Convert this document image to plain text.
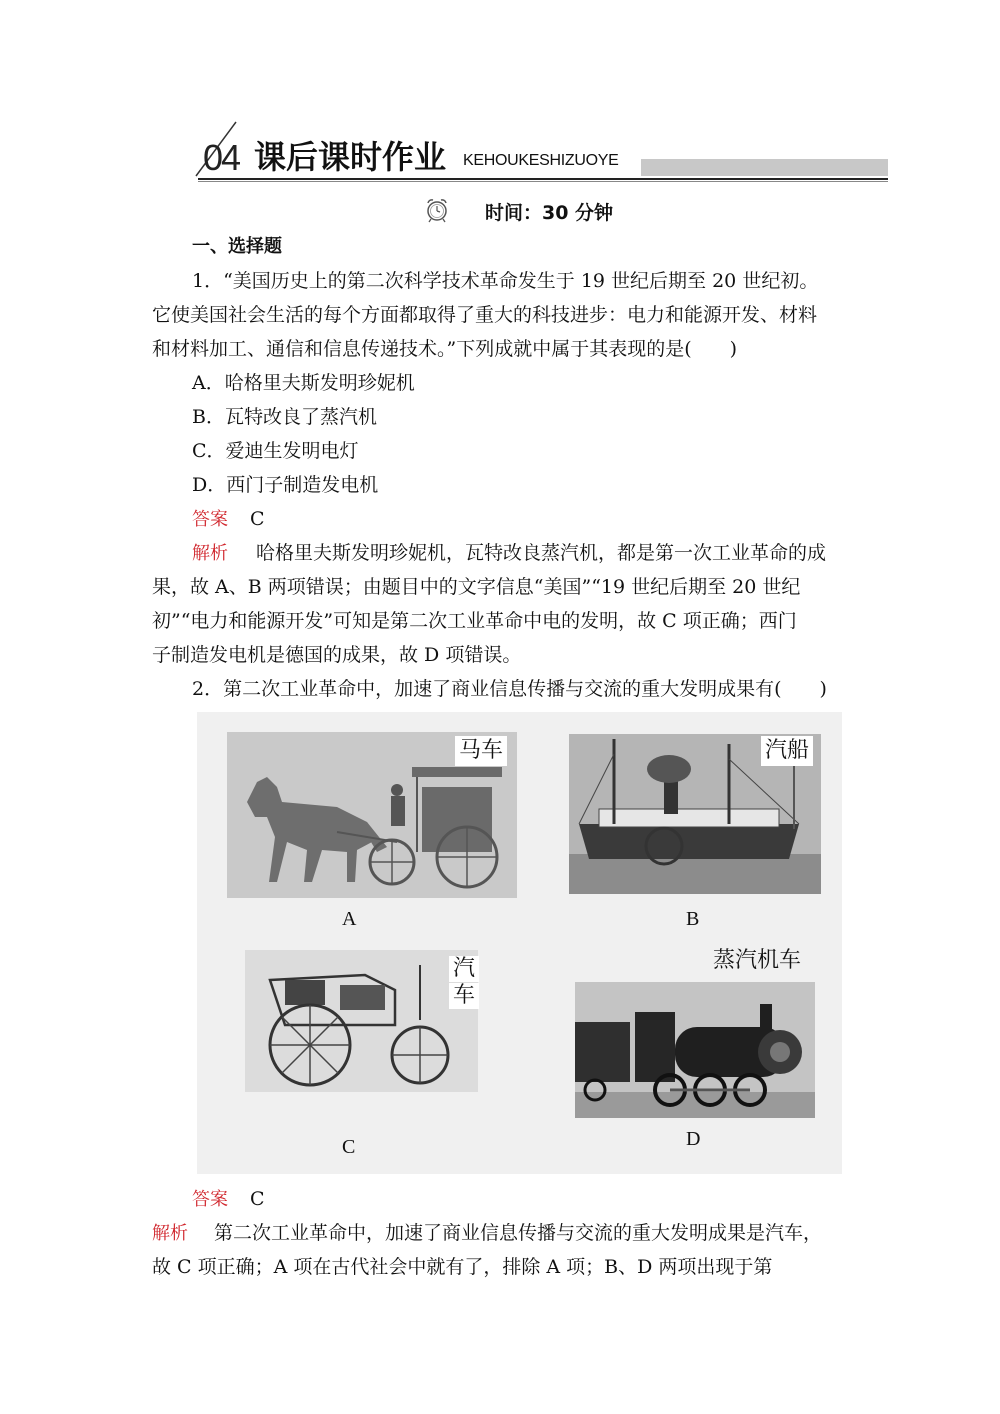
04 课后课时作业 KEHOUKESHIZUOYE
时间：30 分钟
一、选择题
1．“美国历史上的第二次科学技术革命发生于 19 世纪后期至 20 世纪初。
它使美国社会生活的每个方面都取得了重大的科技进步：电力和能源开发、材料
和材料加工、通信和信息传递技术。”下列成就中属于其表现的是(　　)
A．哈格里夫斯发明珍妮机
B．瓦特改良了蒸汽机
C．爱迪生发明电灯
D．西门子制造发电机
答案 C
解析 哈格里夫斯发明珍妮机，瓦特改良蒸汽机，都是第一次工业革命的成
果，故 A、B 两项错误；由题目中的文字信息“美国”“19 世纪后期至 20 世纪
初”“电力和能源开发”可知是第二次工业革命中电的发明，故 C 项正确；西门
子制造发电机是德国的成果，故 D 项错误。
2．第二次工业革命中，加速了商业信息传播与交流的重大发明成果有(　　)
马车
A
汽船
B
汽
车
C
蒸汽机车
D
答案 C
解析 第二次工业革命中，加速了商业信息传播与交流的重大发明成果是汽车，
故 C 项正确；A 项在古代社会中就有了，排除 A 项；B、D 两项出现于第
